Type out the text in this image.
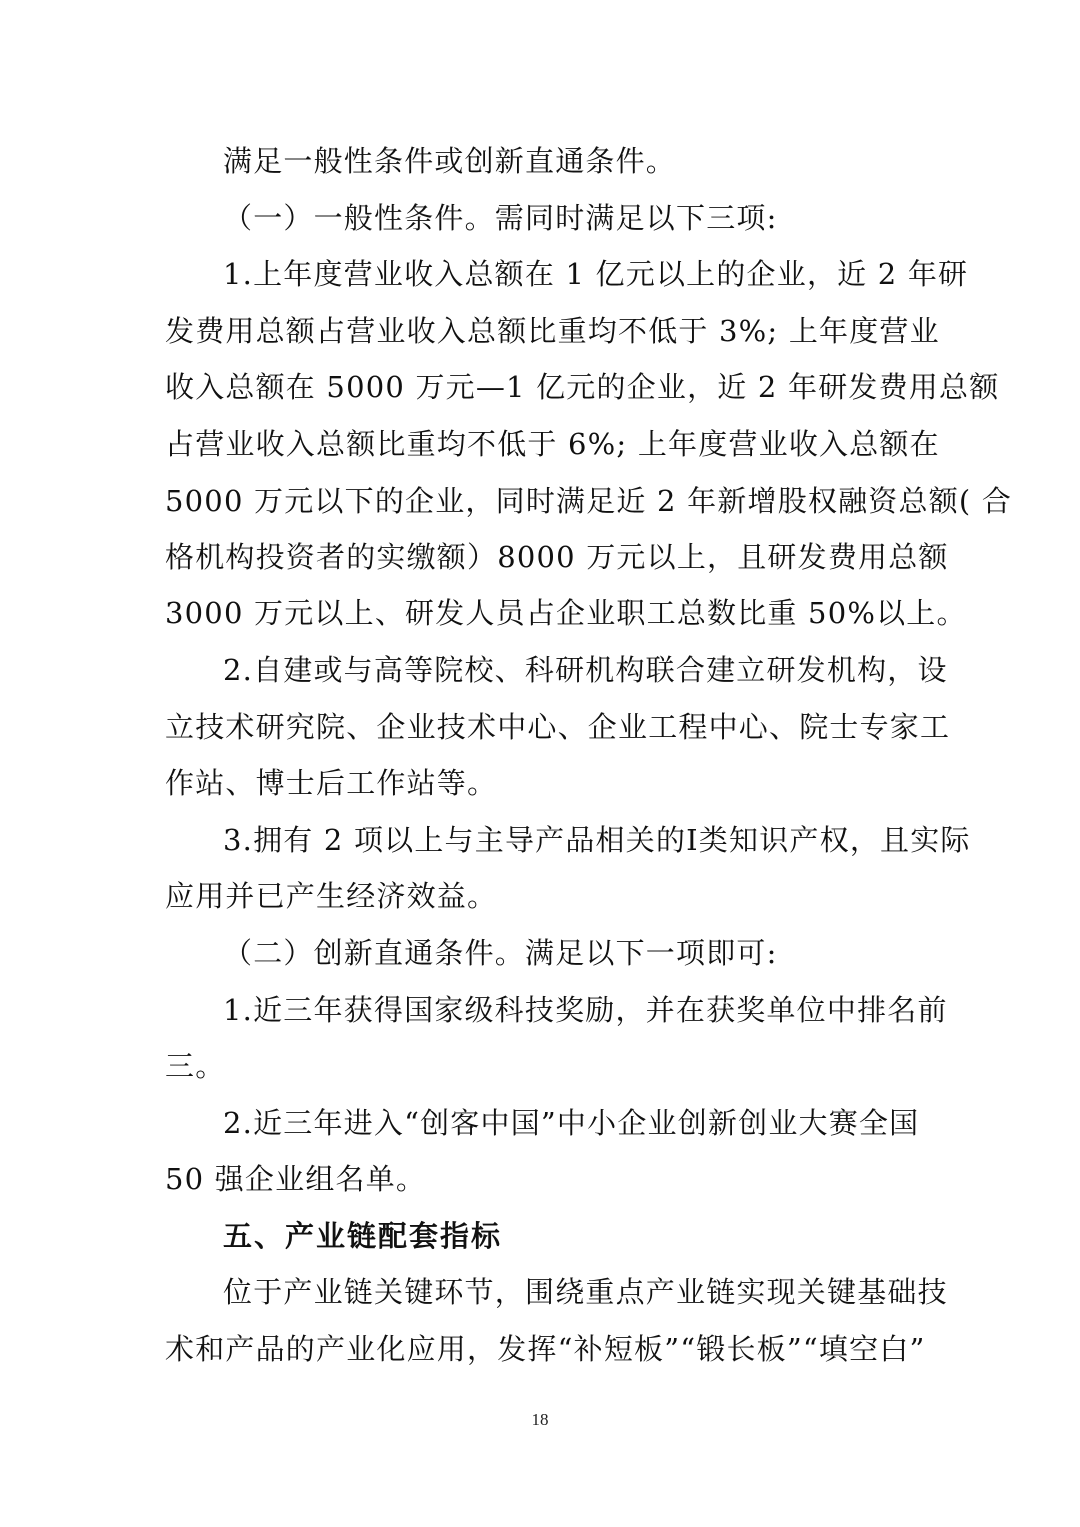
满足一般性条件或创新直通条件。
（一）一般性条件。需同时满足以下三项:
1.上年度营业收入总额在 1 亿元以上的企业，近 2 年研
发费用总额占营业收入总额比重均不低于 3%; 上年度营业
收入总额在 5000 万元—1 亿元的企业，近 2 年研发费用总额
占营业收入总额比重均不低于 6%; 上年度营业收入总额在
5000 万元以下的企业，同时满足近 2 年新增股权融资总额( 合
格机构投资者的实缴额）8000 万元以上，且研发费用总额
3000 万元以上、研发人员占企业职工总数比重 50%以上。
2.自建或与高等院校、科研机构联合建立研发机构，设
立技术研究院、企业技术中心、企业工程中心、院士专家工
作站、博士后工作站等。
3.拥有 2 项以上与主导产品相关的I类知识产权，且实际
应用并已产生经济效益。
（二）创新直通条件。满足以下一项即可:
1.近三年获得国家级科技奖励，并在获奖单位中排名前
三。
2.近三年进入“创客中国”中小企业创新创业大赛全国
50 强企业组名单。
五、产业链配套指标
位于产业链关键环节，围绕重点产业链实现关键基础技
术和产品的产业化应用，发挥“补短板”“锻长板”“填空白”
18
